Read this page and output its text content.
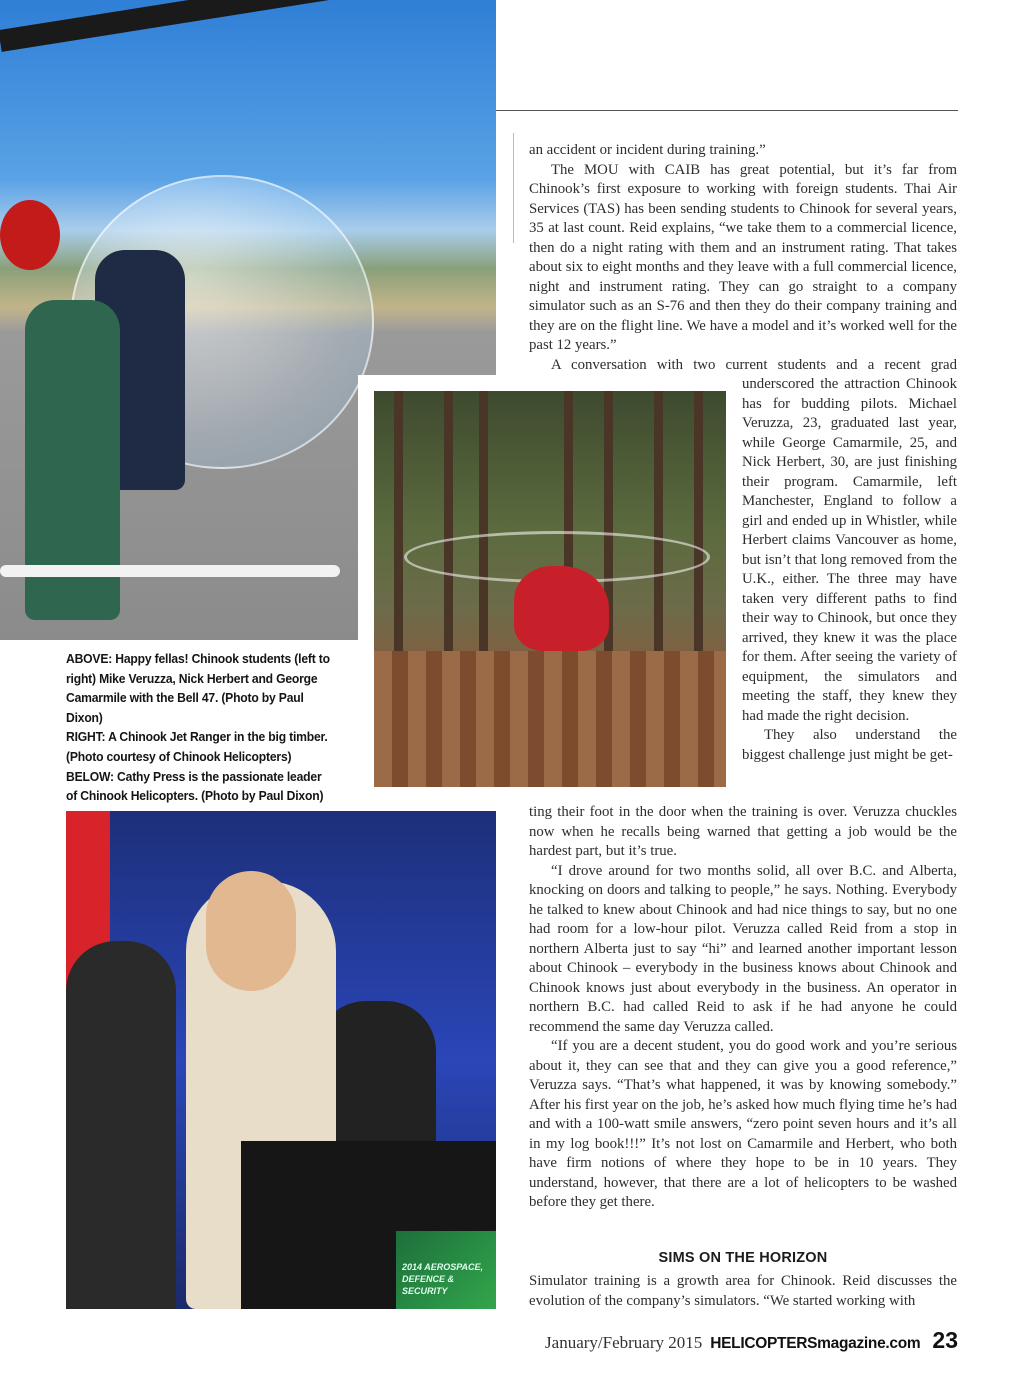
ABOVE: Happy fellas! Chinook students (left to right) Mike Veruzza, Nick Herbert and George Camarmile with the Bell 47. (Photo by Paul Dixon)

RIGHT: A Chinook Jet Ranger in the big timber. (Photo courtesy of Chinook Helicopters)

BELOW: Cathy Press is the passionate leader of Chinook Helicopters. (Photo by Paul Dixon)

2014 AEROSPACE, DEFENCE & SECURITY

an accident or incident during training.”

The MOU with CAIB has great potential, but it’s far from Chinook’s first exposure to working with foreign students. Thai Air Services (TAS) has been sending students to Chinook for several years, 35 at last count. Reid explains, “we take them to a commercial licence, then do a night rating with them and an instrument rating. That takes about six to eight months and they leave with a full commercial licence, night and instrument rating. They can go straight to a company simulator such as an S-76 and then they do their company training and they are on the flight line. We have a model and it’s worked well for the past 12 years.”

A conversation with two current students and a recent grad

underscored the attraction Chinook has for budding pilots. Michael Veruzza, 23, graduated last year, while George Camarmile, 25, and Nick Herbert, 30, are just finishing their program. Camarmile, left Manchester, England to follow a girl and ended up in Whistler, while Herbert claims Vancouver as home, but isn’t that long removed from the U.K., either. The three may have taken very different paths to find their way to Chinook, but once they arrived, they knew it was the place for them. After seeing the variety of equipment, the simulators and meeting the staff, they knew they had made the right decision.

They also understand the biggest challenge just might be get-

ting their foot in the door when the training is over. Veruzza chuckles now when he recalls being warned that getting a job would be the hardest part, but it’s true.

“I drove around for two months solid, all over B.C. and Alberta, knocking on doors and talking to people,” he says. Nothing. Everybody he talked to knew about Chinook and had nice things to say, but no one had room for a low-hour pilot. Veruzza called Reid from a stop in northern Alberta just to say “hi” and learned another important lesson about Chinook – everybody in the business knows about Chinook and Chinook knows just about everybody in the business. An operator in northern B.C. had called Reid to ask if he had anyone he could recommend the same day Veruzza called.

“If you are a decent student, you do good work and you’re serious about it, they can see that and they can give you a good reference,” Veruzza says. “That’s what happened, it was by knowing somebody.” After his first year on the job, he’s asked how much flying time he’s had and with a 100-watt smile answers, “zero point seven hours and it’s all in my log book!!!” It’s not lost on Camarmile and Herbert, who both have firm notions of where they hope to be in 10 years. They understand, however, that there are a lot of helicopters to be washed before they get there.

SIMS ON THE HORIZON

Simulator training is a growth area for Chinook. Reid discusses the evolution of the company’s simulators. “We started working with

January/February 2015 HELICOPTERSmagazine.com 23
